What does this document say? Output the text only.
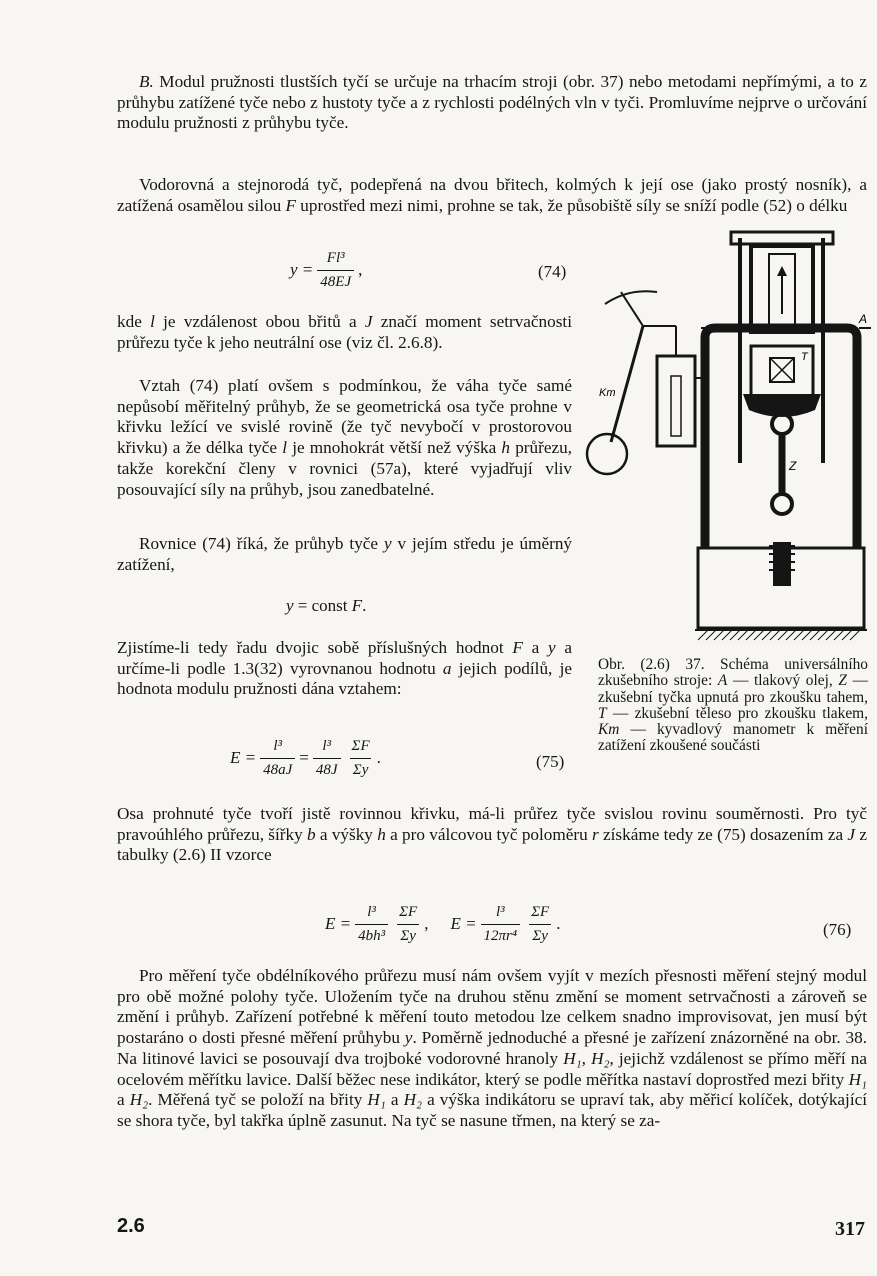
B. Modul pružnosti tlustších tyčí se určuje na trhacím stroji (obr. 37) nebo metodami nepřímými, a to z průhybu zatížené tyče nebo z hustoty tyče a z rychlosti podélných vln v tyči. Promluvíme nejprve o určování modulu pružnosti z průhybu tyče.

Vodorovná a stejnorodá tyč, podepřená na dvou břitech, kolmých k její ose (jako prostý nosník), a zatížená osamělou silou F uprostřed mezi nimi, prohne se tak, že působiště síly se sníží podle (52) o délku

$y = \frac{\text{Fl³}}{48EJ}$ ,	(74)

kde l je vzdálenost obou břitů a J značí moment setrvačnosti průřezu tyče k jeho neutrální ose (viz čl. 2.6.8).

Vztah (74) platí ovšem s podmínkou, že váha tyče samé nepůsobí měřitelný průhyb, že se geometrická osa tyče prohne v křivku ležící ve svislé rovině (že tyč nevybočí v prostorovou křivku) a že délka tyče l je mnohokrát větší než výška h průřezu, takže korekční členy v rovnici (57a), které vyjadřují vliv posouvající síly na průhyb, jsou zanedbatelné.

Rovnice (74) říká, že průhyb tyče y v jejím středu je úměrný zatížení,

y = const F .

Zjistíme-li tedy řadu dvojic sobě příslušných hodnot F a y a určíme-li podle 1.3(32) vyrovnanou hodnotu a jejich podílů, je hodnota modulu pružnosti dána vztahem:

$E = \frac{\text{l³}}{48aJ} = \frac{\text{l³}}{48J} \frac{\Sigma F}{\Sigma y}$ .	(75)

Osa prohnuté tyče tvoří jistě rovinnou křivku, má-li průřez tyče svislou rovinu souměrnosti. Pro tyč pravoúhlého průřezu, šířky b a výšky h a pro válcovou tyč poloměru r získáme tedy ze (75) dosazením za J z tabulky (2.6) II vzorce

$E = \frac{\text{l³}}{\text{4bh³}} \frac{\Sigma F}{\Sigma y}$ , $E = \frac{\text{l³}}{\text{12πr⁴}} \frac{\Sigma F}{\Sigma y}$ .	(76)

Pro měření tyče obdélníkového průřezu musí nám ovšem vyjít v mezích přesnosti měření stejný modul pro obě možné polohy tyče. Uložením tyče na druhou stěnu změní se moment setrvačnosti a zároveň se změní i průhyb. Zařízení potřebné k měření touto metodou lze celkem snadno improvisovat, jen musí být postaráno o dosti přesné měření průhybu y. Poměrně jednoduché a přesné je zařízení znázorněné na obr. 38. Na litinové lavici se posouvají dva trojboké vodorovné hranoly H₁, H₂, jejichž vzdálenost se přímo měří na ocelovém měřítku lavice. Další běžec nese indikátor, který se podle měřítka nastaví doprostřed mezi břity H₁ a H₂. Měřená tyč se položí na břity H₁ a H₂ a výška indikátoru se upraví tak, aby měřicí kolíček, dotýkající se shora tyče, byl takřka úplně zasunut. Na tyč se nasune třmen, na který se za-

A
T
Z
Km

Obr. (2.6) 37. Schéma universálního zkušebního stroje: A — tlakový olej, Z — zkušební tyčka upnutá pro zkoušku tahem, T — zkušební těleso pro zkoušku tlakem, Km — kyvadlový manometr k měření zatížení zkoušené součásti

2.6	317
